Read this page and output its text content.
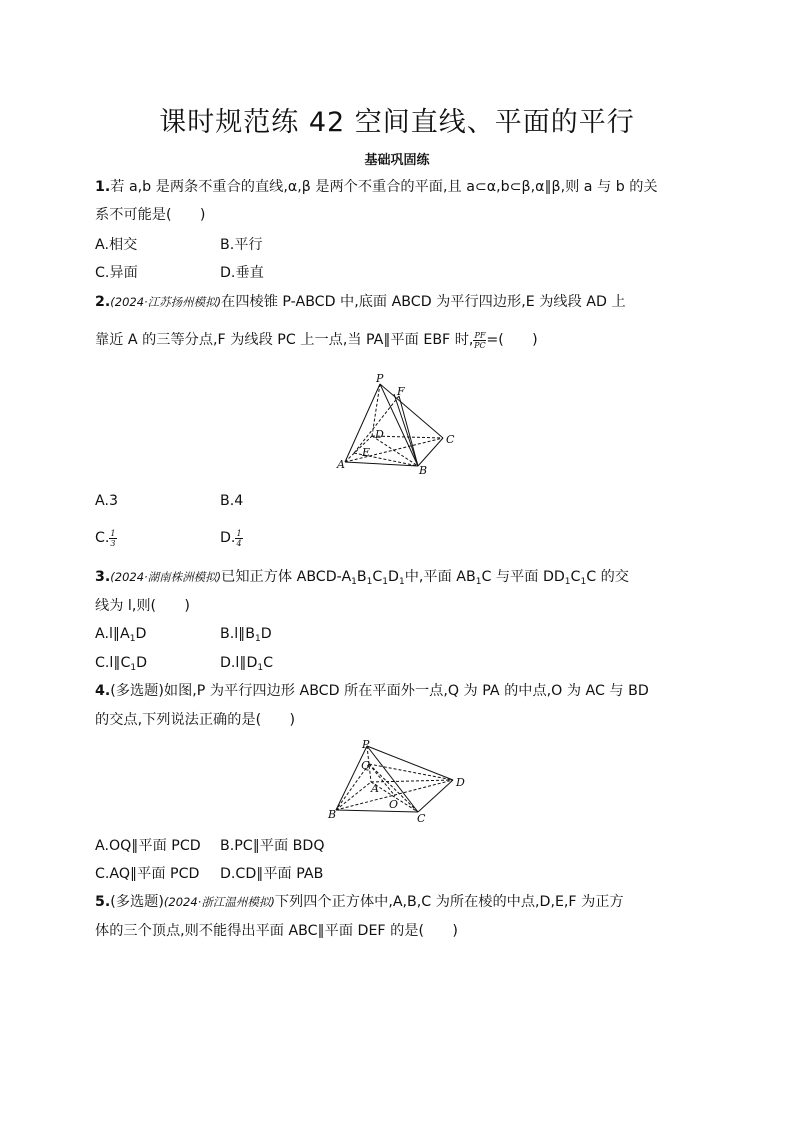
课时规范练 42 空间直线、平面的平行
基础巩固练
1.若 a,b 是两条不重合的直线,α,β 是两个不重合的平面,且 a⊂α,b⊂β,α∥β,则 a 与 b 的关
系不可能是(　　)
A.相交	B.平行
C.异面	D.垂直
2.(2024·江苏扬州模拟)在四棱锥 P-ABCD 中,底面 ABCD 为平行四边形,E 为线段 AD 上
靠近 A 的三等分点,F 为线段 PC 上一点,当 PA∥平面 EBF 时, $\frac{PF}{PC}$ =(　　)
P
F
D	C
E
A	B
A.3	B.4
C. $\frac{1}{3}$	D. $\frac{1}{4}$
3.(2024·湖南株洲模拟)已知正方体 ABCD-$A_1B_1C_1D_1$中,平面 $AB_1C$ 与平面 $DD_1C_1C$ 的交
线为 l,则(　　)
$A.l\parallel A_1D$	$B.l\parallel B_1D$
$C.l\parallel C_1D$	$D.l\parallel D_1C$
4.(多选题)如图,P 为平行四边形 ABCD 所在平面外一点,Q 为 PA 的中点,O 为 AC 与 BD
的交点,下列说法正确的是(　　)
P
Q
D
A
O
B	C
A.OQ∥平面 PCD B.PC∥平面 BDQ
C.AQ∥平面 PCD D.CD∥平面 PAB
5.(多选题)(2024·浙江温州模拟)下列四个正方体中,A,B,C 为所在棱的中点,D,E,F 为正方
体的三个顶点,则不能得出平面 ABC∥平面 DEF 的是(　　)
